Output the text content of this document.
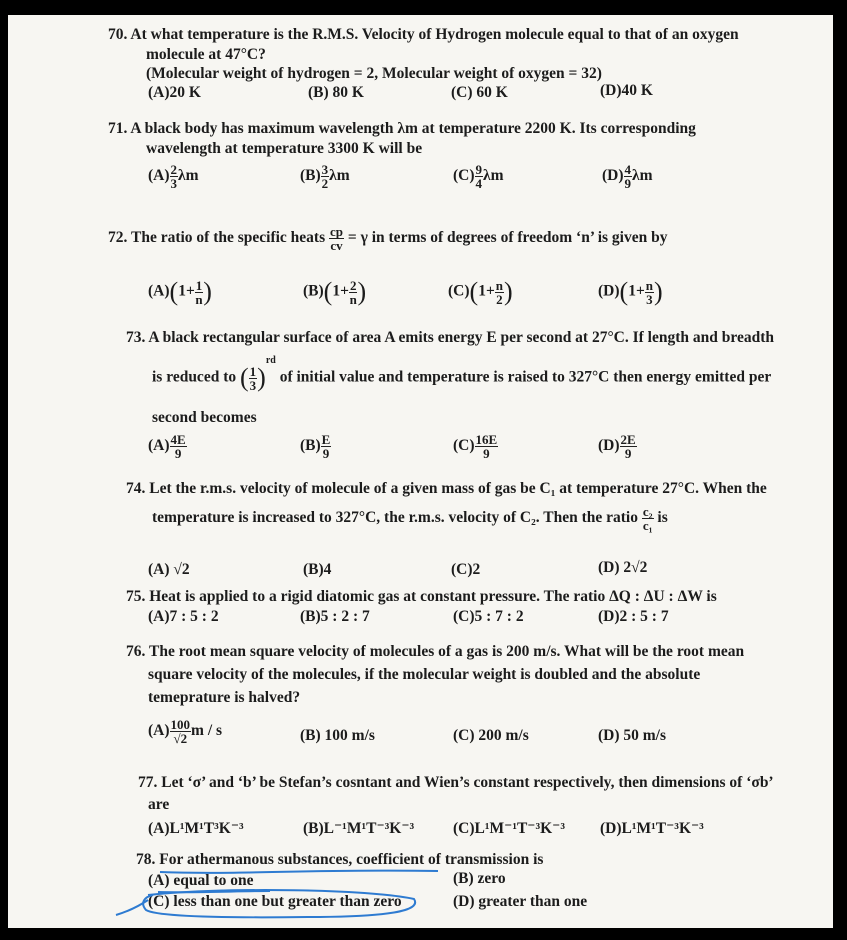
70. At what temperature is the R.M.S. Velocity of Hydrogen molecule equal to that of an oxygen
molecule at 47°C?
(Molecular weight of hydrogen = 2, Molecular weight of oxygen = 32)
(A)20 K	(B) 80 K	(C) 60 K	(D)40 K
71. A black body has maximum wavelength λm at temperature 2200 K. Its corresponding
wavelength at temperature 3300 K will be
$(A) \frac{2}{3}$ λm	$(B) \frac{3}{2}$ λm	$(C) \frac{9}{4}$ λm	$(D) \frac{4}{9}$ λm
72. The ratio of the specific heats $\frac{cp}{cv} = \gamma$ in terms of degrees of freedom ‘n’ is given by
$(A)(1+ \frac{1}{n}$ )	$(B)(1+ \frac{2}{n}$ )	$(C)(1+ \frac{n}{2}$ )	$(D)(1+ \frac{n}{3}$ )
73. A black rectangular surface of area A emits energy E per second at 27°C. If length and breadth
is reduced to ( $\frac{1}{3} )^{rd}$ of initial value and temperature is raised to 327°C then energy emitted per
second becomes
$(A) \frac{4E}{9}$	$(B) \frac{E}{9}$	$(C) \frac{16E}{9}$	$(D) \frac{2E}{9}$
74. Let the r.m.s. velocity of molecule of a given mass of gas be C₁ at temperature 27°C. When the
temperature is increased to 327°C, the r.m.s. velocity of C₂. Then the ratio $\frac{\text{c₂}}{\text{c₁}}$ is
(A) √2	(B)4	(C)2	(D) 2√2
75. Heat is applied to a rigid diatomic gas at constant pressure. The ratio ΔQ : ΔU : ΔW is
(A)7 : 5 : 2	(B)5 : 2 : 7	(C)5 : 7 : 2	(D)2 : 5 : 7
76. The root mean square velocity of molecules of a gas is 200 m/s. What will be the root mean
square velocity of the molecules, if the molecular weight is doubled and the absolute
temeprature is halved?
$(A) \frac{100}{√2}$ m / s	(B) 100 m/s	(C) 200 m/s	(D) 50 m/s
77. Let ‘σ’ and ‘b’ be Stefan’s cosntant and Wien’s constant respectively, then dimensions of ‘σb’
are
(A)L¹M¹T³K⁻³	(B)L⁻¹M¹T⁻³K⁻³	(C)L¹M⁻¹T⁻³K⁻³ (D)L¹M¹T⁻³K⁻³
78. For athermanous substances, coefficient of transmission is
(A) equal to one	(B) zero
(C) less than one but greater than zero	(D) greater than one
